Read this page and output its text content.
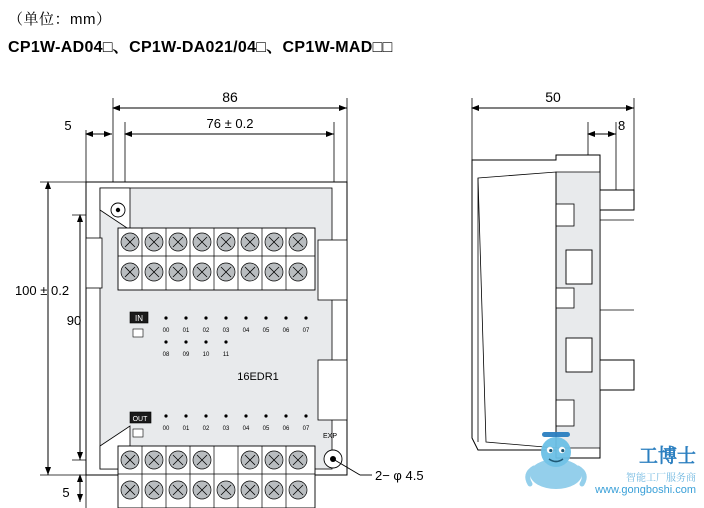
（单位：mm）
CP1W-AD04□、CP1W-DA021/04□、CP1W-MAD□□
86
76 ± 0.2
5
100 ± 0.2
90
5
2− φ 4.5
IN
00 01 02 03 04 05 06 07
08 09 10 11
16EDR1
OUT
00 01 02 03 04 05 06 07
EXP
50
8
工博士
智能工厂服务商
www.gongboshi.com
